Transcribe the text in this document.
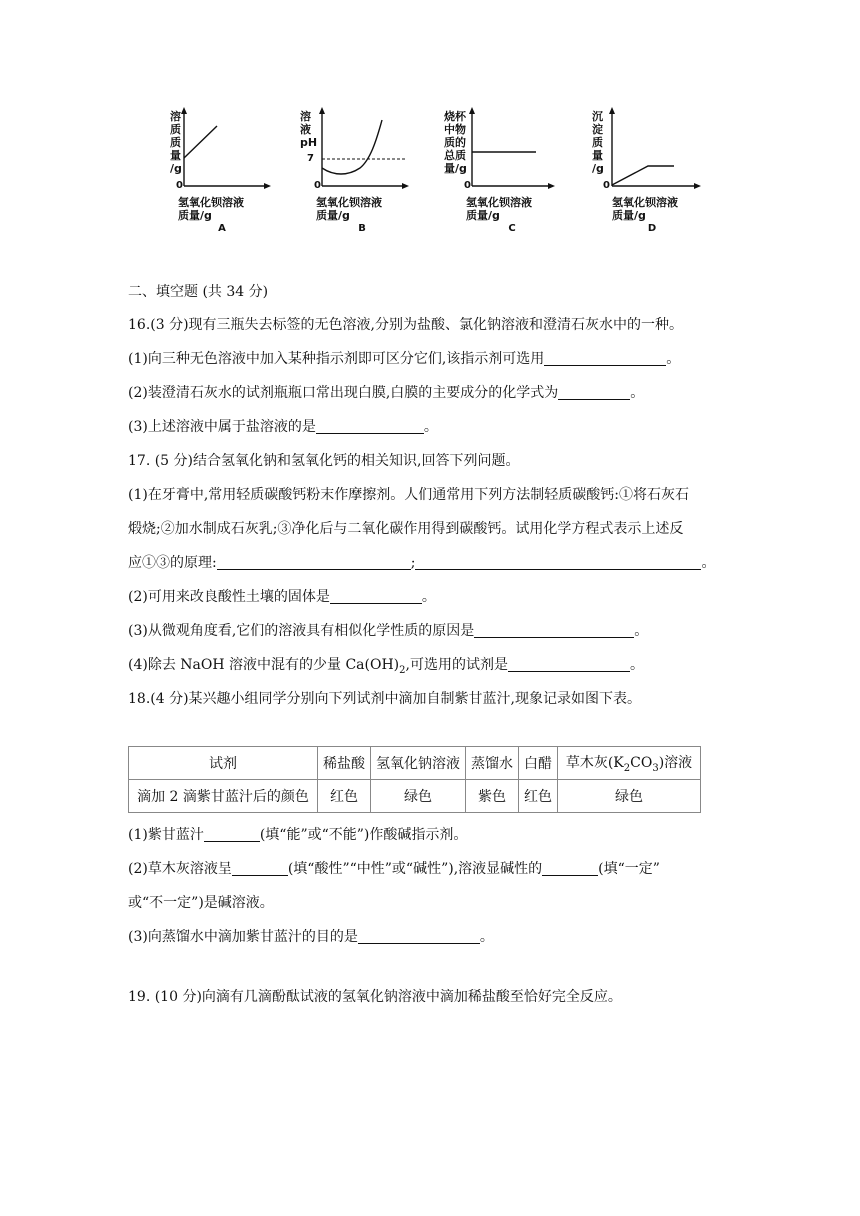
溶
质
质
量
/g
0
氢氧化钡溶液
质量/g
A
溶
液
pH
7
0
氢氧化钡溶液
质量/g
B
烧杯
中物
质的
总质
量/g
0
氢氧化钡溶液
质量/g
C
沉
淀
质
量
/g
0
氢氧化钡溶液
质量/g
D
二、填空题 (共 34 分)
16.(3 分)现有三瓶失去标签的无色溶液,分别为盐酸、氯化钠溶液和澄清石灰水中的一种。
(1)向三种无色溶液中加入某种指示剂即可区分它们,该指示剂可选用	。
(2)装澄清石灰水的试剂瓶瓶口常出现白膜,白膜的主要成分的化学式为	。
(3)上述溶液中属于盐溶液的是	。
17. (5 分)结合氢氧化钠和氢氧化钙的相关知识,回答下列问题。
(1)在牙膏中,常用轻质碳酸钙粉末作摩擦剂。人们通常用下列方法制轻质碳酸钙:①将石灰石
煅烧;②加水制成石灰乳;③净化后与二氧化碳作用得到碳酸钙。试用化学方程式表示上述反
应①③的原理:	;	。
(2)可用来改良酸性土壤的固体是	。
(3)从微观角度看,它们的溶液具有相似化学性质的原因是	。
(4)除去 NaOH 溶液中混有的少量 $Ca(OH)_2$,可选用的试剂是	。
18.(4 分)某兴趣小组同学分别向下列试剂中滴加自制紫甘蓝汁,现象记录如图下表。
试剂	稀盐酸	氢氧化钠溶液	蒸馏水	白醋	草木灰$(K_2CO_3)$溶液
滴加 2 滴紫甘蓝汁后的颜色	红色	绿色	紫色	红色	绿色
(1)紫甘蓝汁	(填“能”或“不能”)作酸碱指示剂。
(2)草木灰溶液呈	(填“酸性”“中性”或“碱性”),溶液显碱性的	(填“一定”
或“不一定”)是碱溶液。
(3)向蒸馏水中滴加紫甘蓝汁的目的是	。
19. (10 分)向滴有几滴酚酞试液的氢氧化钠溶液中滴加稀盐酸至恰好完全反应。
